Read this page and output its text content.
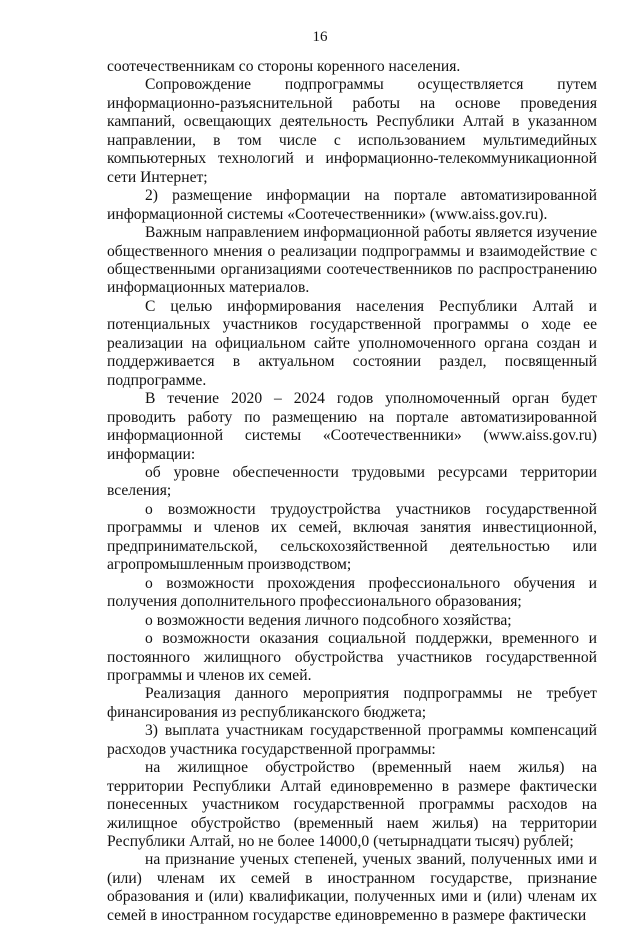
16

соотечественникам со стороны коренного населения.

Сопровождение подпрограммы осуществляется путем информационно-разъяснительной работы на основе проведения кампаний, освещающих деятельность Республики Алтай в указанном направлении, в том числе с использованием мультимедийных компьютерных технологий и информационно-телекоммуникационной сети Интернет;

2) размещение информации на портале автоматизированной информационной системы «Соотечественники» (www.aiss.gov.ru).

Важным направлением информационной работы является изучение общественного мнения о реализации подпрограммы и взаимодействие с общественными организациями соотечественников по распространению информационных материалов.

С целью информирования населения Республики Алтай и потенциальных участников государственной программы о ходе ее реализации на официальном сайте уполномоченного органа создан и поддерживается в актуальном состоянии раздел, посвященный подпрограмме.

В течение 2020 – 2024 годов уполномоченный орган будет проводить работу по размещению на портале автоматизированной информационной системы «Соотечественники» (www.aiss.gov.ru) информации:

об уровне обеспеченности трудовыми ресурсами территории вселения;

о возможности трудоустройства участников государственной программы и членов их семей, включая занятия инвестиционной, предпринимательской, сельскохозяйственной деятельностью или агропромышленным производством;

о возможности прохождения профессионального обучения и получения дополнительного профессионального образования;

о возможности ведения личного подсобного хозяйства;

о возможности оказания социальной поддержки, временного и постоянного жилищного обустройства участников государственной программы и членов их семей.

Реализация данного мероприятия подпрограммы не требует финансирования из республиканского бюджета;

3) выплата участникам государственной программы компенсаций расходов участника государственной программы:

на жилищное обустройство (временный наем жилья) на территории Республики Алтай единовременно в размере фактически понесенных участником государственной программы расходов на жилищное обустройство (временный наем жилья) на территории Республики Алтай, но не более 14000,0 (четырнадцати тысяч) рублей;

на признание ученых степеней, ученых званий, полученных ими и (или) членам их семей в иностранном государстве, признание образования и (или) квалификации, полученных ими и (или) членам их семей в иностранном государстве единовременно в размере фактически
